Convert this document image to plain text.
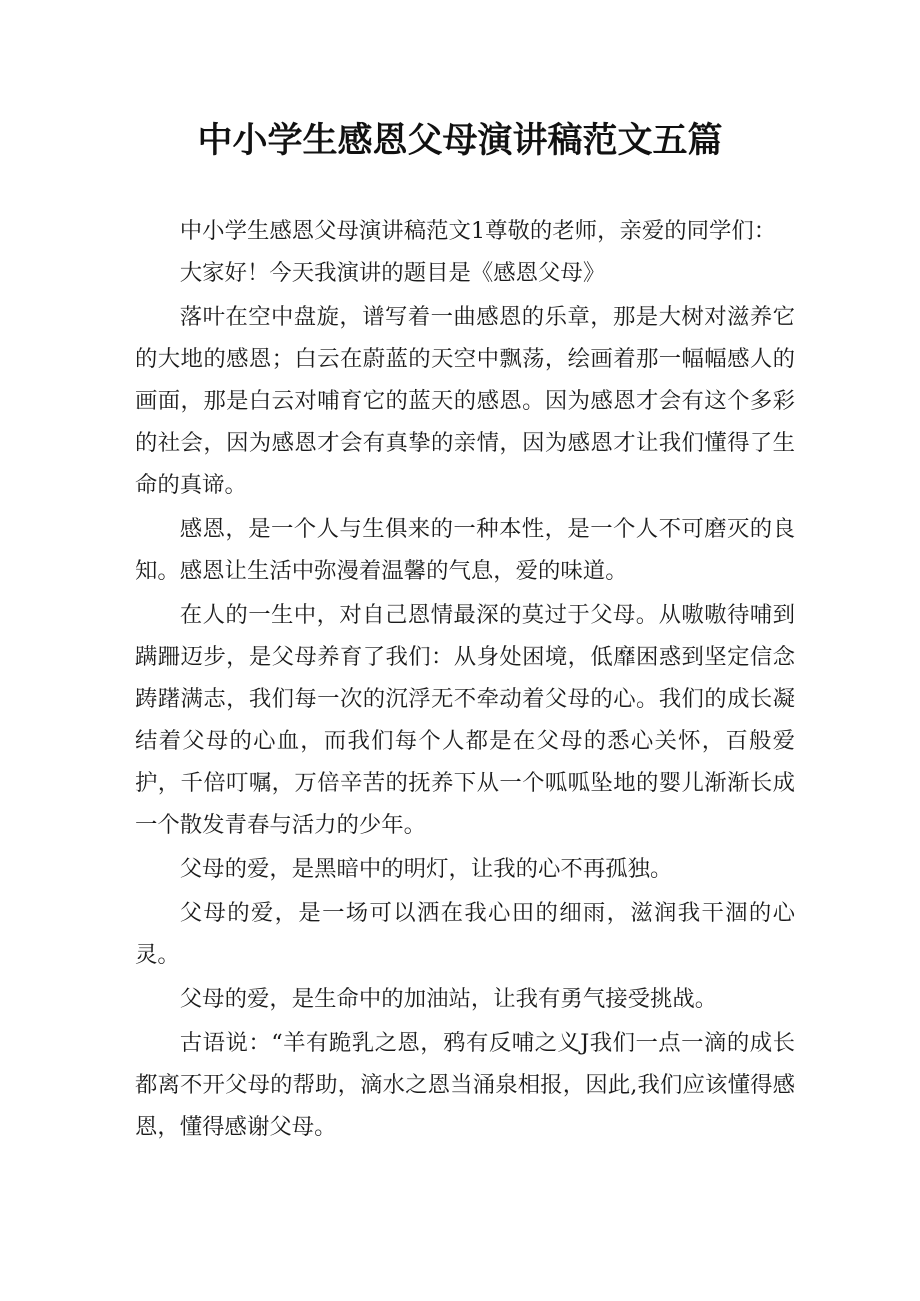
中小学生感恩父母演讲稿范文五篇

中小学生感恩父母演讲稿范文1尊敬的老师，亲爱的同学们：

大家好！今天我演讲的题目是《感恩父母》

落叶在空中盘旋，谱写着一曲感恩的乐章，那是大树对滋养它的大地的感恩；白云在蔚蓝的天空中飘荡，绘画着那一幅幅感人的画面，那是白云对哺育它的蓝天的感恩。因为感恩才会有这个多彩的社会，因为感恩才会有真挚的亲情，因为感恩才让我们懂得了生命的真谛。

感恩，是一个人与生俱来的一种本性，是一个人不可磨灭的良知。感恩让生活中弥漫着温馨的气息，爱的味道。

在人的一生中，对自己恩情最深的莫过于父母。从嗷嗷待哺到蹒跚迈步，是父母养育了我们：从身处困境，低靡困惑到坚定信念踌躇满志，我们每一次的沉浮无不牵动着父母的心。我们的成长凝结着父母的心血，而我们每个人都是在父母的悉心关怀，百般爱护，千倍叮嘱，万倍辛苦的抚养下从一个呱呱坠地的婴儿渐渐长成一个散发青春与活力的少年。

父母的爱，是黑暗中的明灯，让我的心不再孤独。

父母的爱，是一场可以洒在我心田的细雨，滋润我干涸的心灵。

父母的爱，是生命中的加油站，让我有勇气接受挑战。

古语说：“羊有跪乳之恩，鸦有反哺之义J我们一点一滴的成长都离不开父母的帮助，滴水之恩当涌泉相报，因此,我们应该懂得感恩，懂得感谢父母。
